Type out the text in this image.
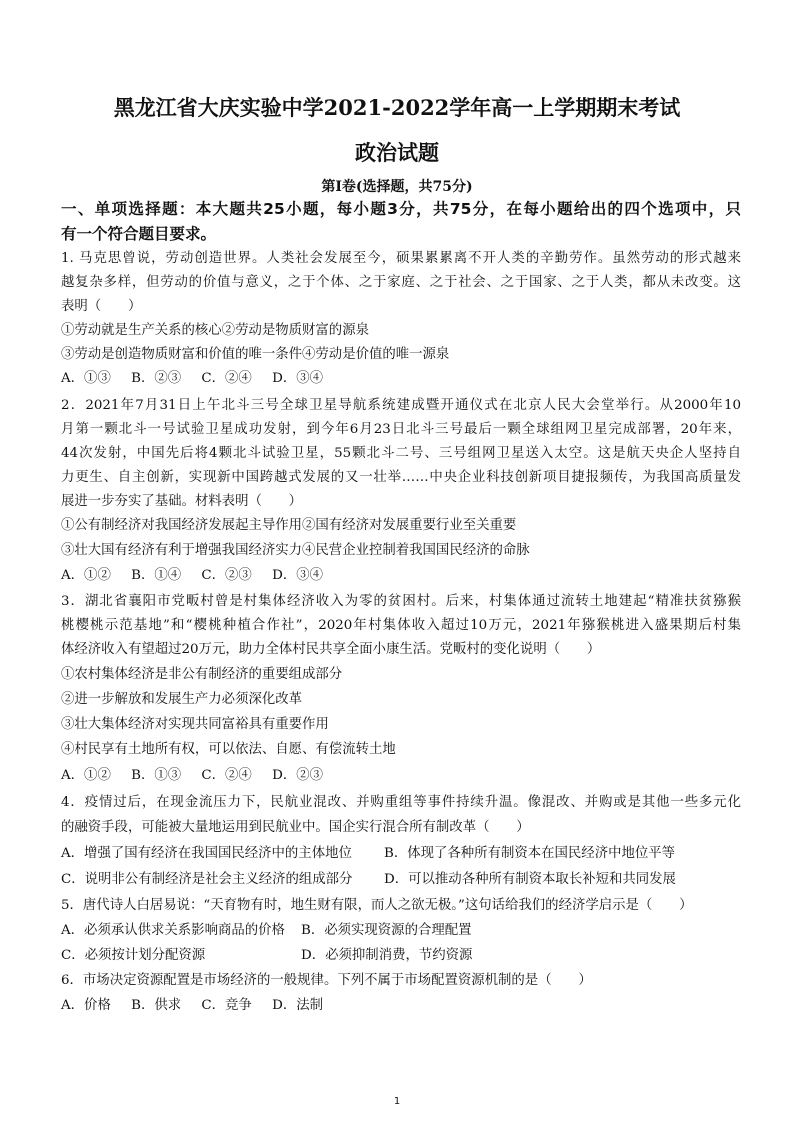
黑龙江省大庆实验中学2021-2022学年高一上学期期末考试
政治试题
第Ⅰ卷(选择题，共75分)
一、单项选择题：本大题共25小题，每小题3分，共75分，在每小题给出的四个选项中，只
有一个符合题目要求。
1. 马克思曾说，劳动创造世界。人类社会发展至今，硕果累累离不开人类的辛勤劳作。虽然劳动的形式越来
越复杂多样，但劳动的价值与意义，之于个体、之于家庭、之于社会、之于国家、之于人类，都从未改变。这
表明（　　）
①劳动就是生产关系的核心②劳动是物质财富的源泉
③劳动是创造物质财富和价值的唯一条件④劳动是价值的唯一源泉
A．①③ B．②③ C．②④ D．③④
2．2021年7月31日上午北斗三号全球卫星导航系统建成暨开通仪式在北京人民大会堂举行。从2000年10
月第一颗北斗一号试验卫星成功发射，到今年6月23日北斗三号最后一颗全球组网卫星完成部署，20年来，
44次发射，中国先后将4颗北斗试验卫星，55颗北斗二号、三号组网卫星送入太空。这是航天央企人坚持自
力更生、自主创新，实现新中国跨越式发展的又一壮举……中央企业科技创新项目捷报频传，为我国高质量发
展进一步夯实了基础。材料表明（　　）
①公有制经济对我国经济发展起主导作用②国有经济对发展重要行业至关重要
③壮大国有经济有利于增强我国经济实力④民营企业控制着我国国民经济的命脉
A．①② B．①④ C．②③ D．③④
3．湖北省襄阳市党畈村曾是村集体经济收入为零的贫困村。后来，村集体通过流转土地建起“精准扶贫猕猴
桃樱桃示范基地”和“樱桃种植合作社”，2020年村集体收入超过10万元，2021年猕猴桃进入盛果期后村集
体经济收入有望超过20万元，助力全体村民共享全面小康生活。党畈村的变化说明（　　）
①农村集体经济是非公有制经济的重要组成部分
②进一步解放和发展生产力必须深化改革
③壮大集体经济对实现共同富裕具有重要作用
④村民享有土地所有权，可以依法、自愿、有偿流转土地
A．①② B．①③ C．②④ D．②③
4．疫情过后，在现金流压力下，民航业混改、并购重组等事件持续升温。像混改、并购或是其他一些多元化
的融资手段，可能被大量地运用到民航业中。国企实行混合所有制改革（　　）
A．增强了国有经济在我国国民经济中的主体地位 B．体现了各种所有制资本在国民经济中地位平等
C．说明非公有制经济是社会主义经济的组成部分 D．可以推动各种所有制资本取长补短和共同发展
5．唐代诗人白居易说：“天育物有时，地生财有限，而人之欲无极。”这句话给我们的经济学启示是（　　）
A．必须承认供求关系影响商品的价格 B．必须实现资源的合理配置
C．必须按计划分配资源	D．必须抑制消费，节约资源
6．市场决定资源配置是市场经济的一般规律。下列不属于市场配置资源机制的是（　　）
A．价格 B．供求 C．竞争 D．法制
1
